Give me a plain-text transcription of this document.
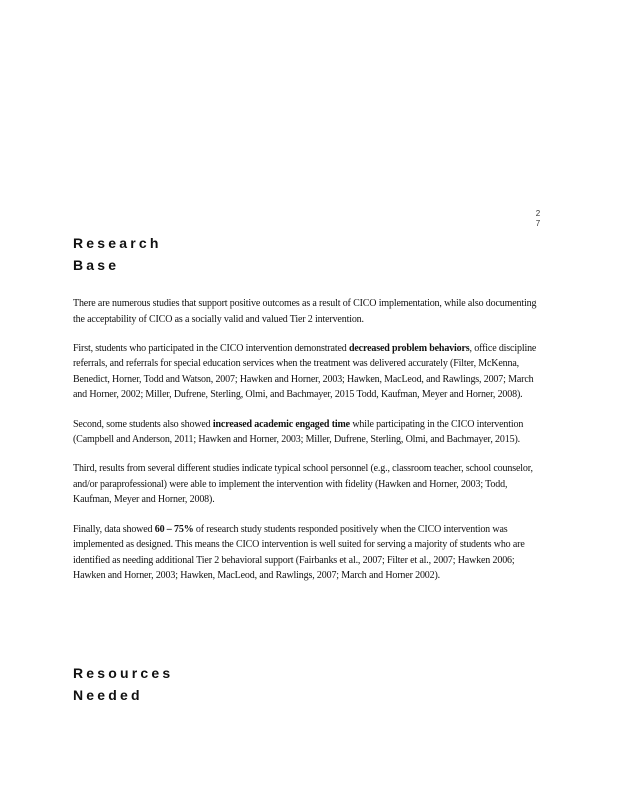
2
7
Research
Base

There are numerous studies that support positive outcomes as a result of CICO implementation, while also documenting the acceptability of CICO as a socially valid and valued Tier 2 intervention.

First, students who participated in the CICO intervention demonstrated decreased problem behaviors, office discipline referrals, and referrals for special education services when the treatment was delivered accurately (Filter, McKenna, Benedict, Horner, Todd and Watson, 2007; Hawken and Horner, 2003; Hawken, MacLeod, and Rawlings, 2007; March and Horner, 2002; Miller, Dufrene, Sterling, Olmi, and Bachmayer, 2015 Todd, Kaufman, Meyer and Horner, 2008).

Second, some students also showed increased academic engaged time while participating in the CICO intervention (Campbell and Anderson, 2011; Hawken and Horner, 2003; Miller, Dufrene, Sterling, Olmi, and Bachmayer, 2015).

Third, results from several different studies indicate typical school personnel (e.g., classroom teacher, school counselor, and/or paraprofessional) were able to implement the intervention with fidelity (Hawken and Horner, 2003; Todd, Kaufman, Meyer and Horner, 2008).

Finally, data showed 60 – 75% of research study students responded positively when the CICO intervention was implemented as designed. This means the CICO intervention is well suited for serving a majority of students who are identified as needing additional Tier 2 behavioral support (Fairbanks et al., 2007; Filter et al., 2007; Hawken 2006; Hawken and Horner, 2003; Hawken, MacLeod, and Rawlings, 2007; March and Horner 2002).

Resources
Needed
